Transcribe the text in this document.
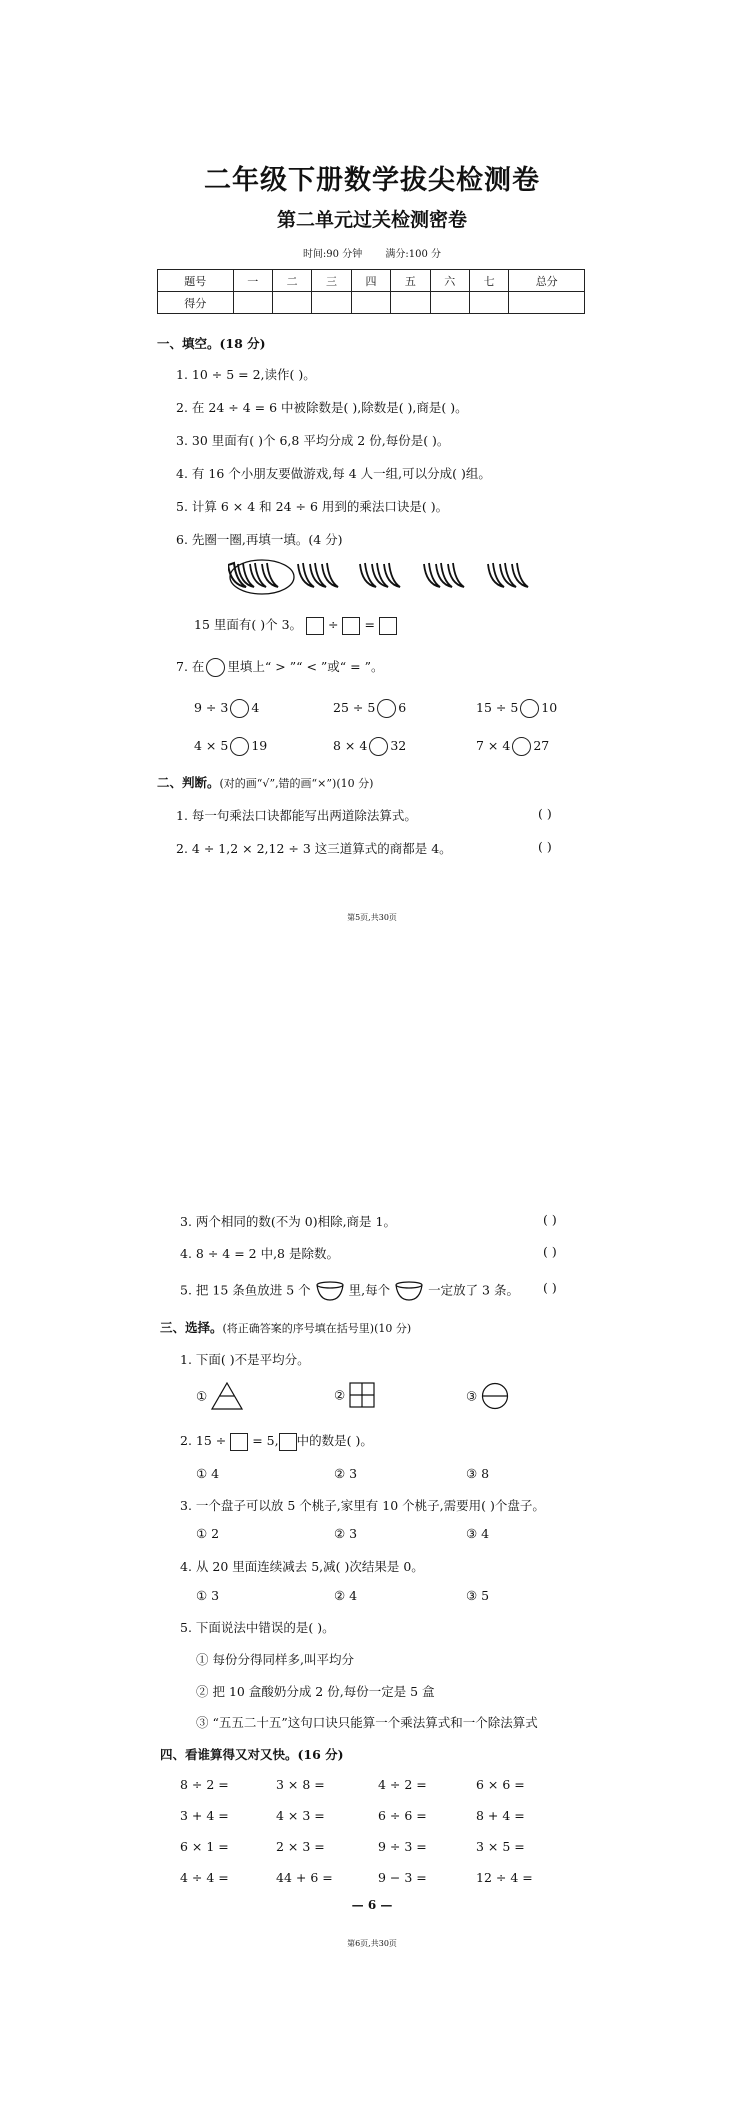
二年级下册数学拔尖检测卷
第二单元过关检测密卷
时间:90 分钟 满分:100 分
题号	一	二	三	四	五	六	七	总分
得分								
一、填空。(18 分)
1. 10 ÷ 5 = 2,读作( )。
2. 在 24 ÷ 4 = 6 中被除数是( ),除数是( ),商是( )。
3. 30 里面有( )个 6,8 平均分成 2 份,每份是( )。
4. 有 16 个小朋友要做游戏,每 4 人一组,可以分成( )组。
5. 计算 6 × 4 和 24 ÷ 6 用到的乘法口诀是( )。
6. 先圈一圈,再填一填。(4 分)
15 里面有( )个 3。 ÷ =
7. 在 里填上“ > ”“ < ”或“ = ”。
9 ÷ 3 4	25 ÷ 5 6	15 ÷ 5 10
4 × 5 19	8 × 4 32	7 × 4 27
二、判断。(对的画“√”,错的画“×”)(10 分)
1. 每一句乘法口诀都能写出两道除法算式。	( )
2. 4 ÷ 1,2 × 2,12 ÷ 3 这三道算式的商都是 4。	( )
第5页,共30页
3. 两个相同的数(不为 0)相除,商是 1。	( )
4. 8 ÷ 4 = 2 中,8 是除数。	( )
5. 把 15 条鱼放进 5 个	里,每个	一定放了 3 条。 ( )
三、选择。(将正确答案的序号填在括号里)(10 分)
1. 下面( )不是平均分。
①	②	③
2. 15 ÷ = 5, 中的数是( )。
① 4	② 3	③ 8
3. 一个盘子可以放 5 个桃子,家里有 10 个桃子,需要用( )个盘子。
① 2	② 3	③ 4
4. 从 20 里面连续减去 5,减( )次结果是 0。
① 3	② 4	③ 5
5. 下面说法中错误的是( )。
① 每份分得同样多,叫平均分
② 把 10 盒酸奶分成 2 份,每份一定是 5 盒
③ “五五二十五”这句口诀只能算一个乘法算式和一个除法算式
四、看谁算得又对又快。(16 分)
8 ÷ 2 =	3 × 8 =	4 ÷ 2 =	6 × 6 =
3 + 4 =	4 × 3 =	6 ÷ 6 =	8 + 4 =
6 × 1 =	2 × 3 =	9 ÷ 3 =	3 × 5 =
4 ÷ 4 =	44 + 6 =	9 − 3 =	12 ÷ 4 =
— 6 —
第6页,共30页
